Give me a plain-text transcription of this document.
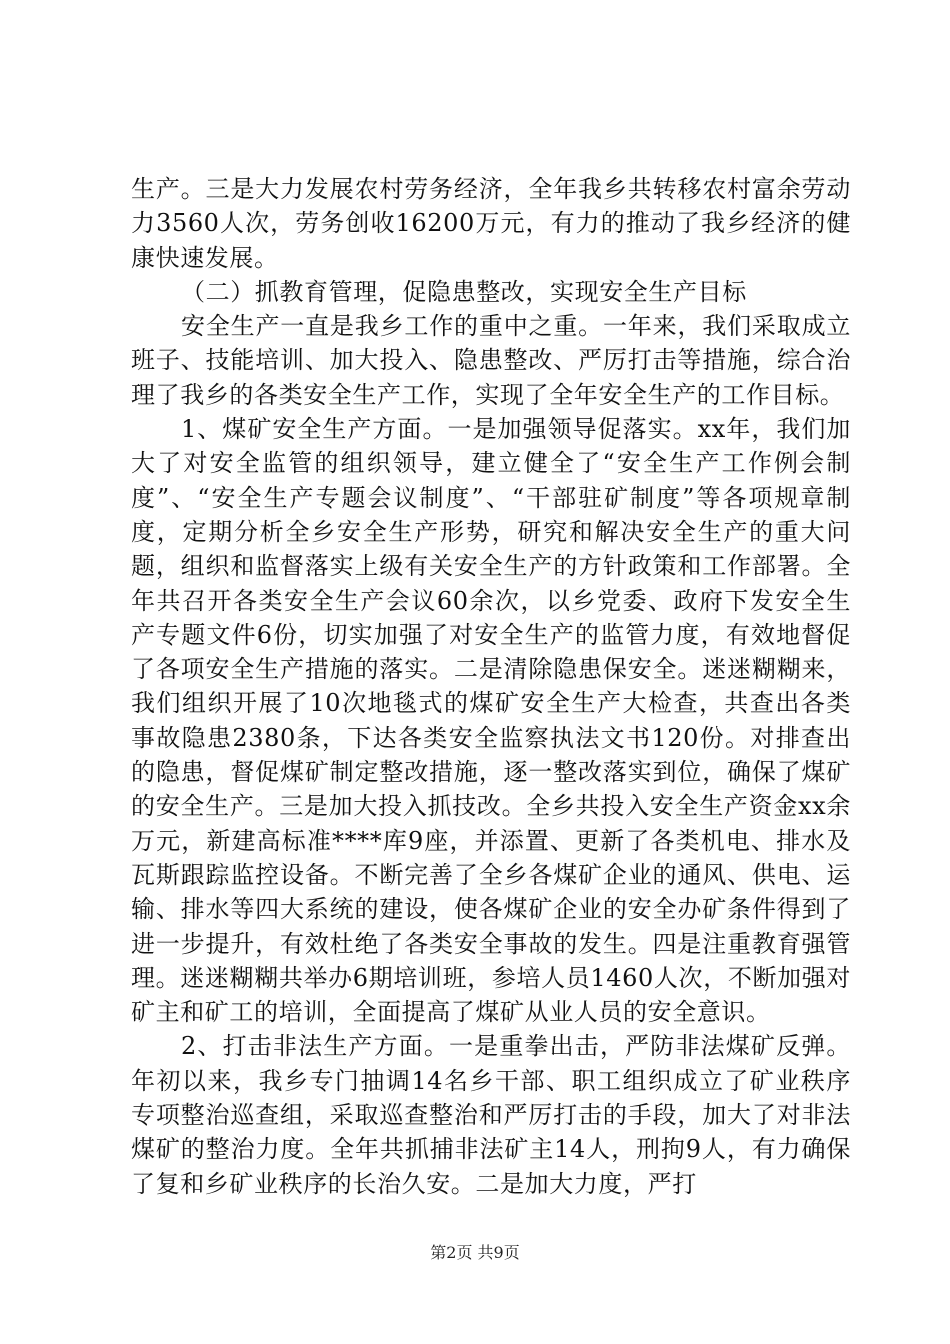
生产。三是大力发展农村劳务经济，全年我乡共转移农村富余劳动力3560人次，劳务创收16200万元，有力的推动了我乡经济的健康快速发展。

（二）抓教育管理，促隐患整改，实现安全生产目标

安全生产一直是我乡工作的重中之重。一年来，我们采取成立班子、技能培训、加大投入、隐患整改、严厉打击等措施，综合治理了我乡的各类安全生产工作，实现了全年安全生产的工作目标。

1、煤矿安全生产方面。一是加强领导促落实。xx年，我们加大了对安全监管的组织领导，建立健全了“安全生产工作例会制度”、“安全生产专题会议制度”、“干部驻矿制度”等各项规章制度，定期分析全乡安全生产形势，研究和解决安全生产的重大问题，组织和监督落实上级有关安全生产的方针政策和工作部署。全年共召开各类安全生产会议60余次，以乡党委、政府下发安全生产专题文件6份，切实加强了对安全生产的监管力度，有效地督促了各项安全生产措施的落实。二是清除隐患保安全。迷迷糊糊来，我们组织开展了10次地毯式的煤矿安全生产大检查，共查出各类事故隐患2380条，下达各类安全监察执法文书120份。对排查出的隐患，督促煤矿制定整改措施，逐一整改落实到位，确保了煤矿的安全生产。三是加大投入抓技改。全乡共投入安全生产资金xx余万元，新建高标准****库9座，并添置、更新了各类机电、排水及瓦斯跟踪监控设备。不断完善了全乡各煤矿企业的通风、供电、运输、排水等四大系统的建设，使各煤矿企业的安全办矿条件得到了进一步提升，有效杜绝了各类安全事故的发生。四是注重教育强管理。迷迷糊糊共举办6期培训班，参培人员1460人次，不断加强对矿主和矿工的培训，全面提高了煤矿从业人员的安全意识。

2、打击非法生产方面。一是重拳出击，严防非法煤矿反弹。年初以来，我乡专门抽调14名乡干部、职工组织成立了矿业秩序专项整治巡查组，采取巡查整治和严厉打击的手段，加大了对非法煤矿的整治力度。全年共抓捕非法矿主14人，刑拘9人，有力确保了复和乡矿业秩序的长治久安。二是加大力度，严打

第2页 共9页
